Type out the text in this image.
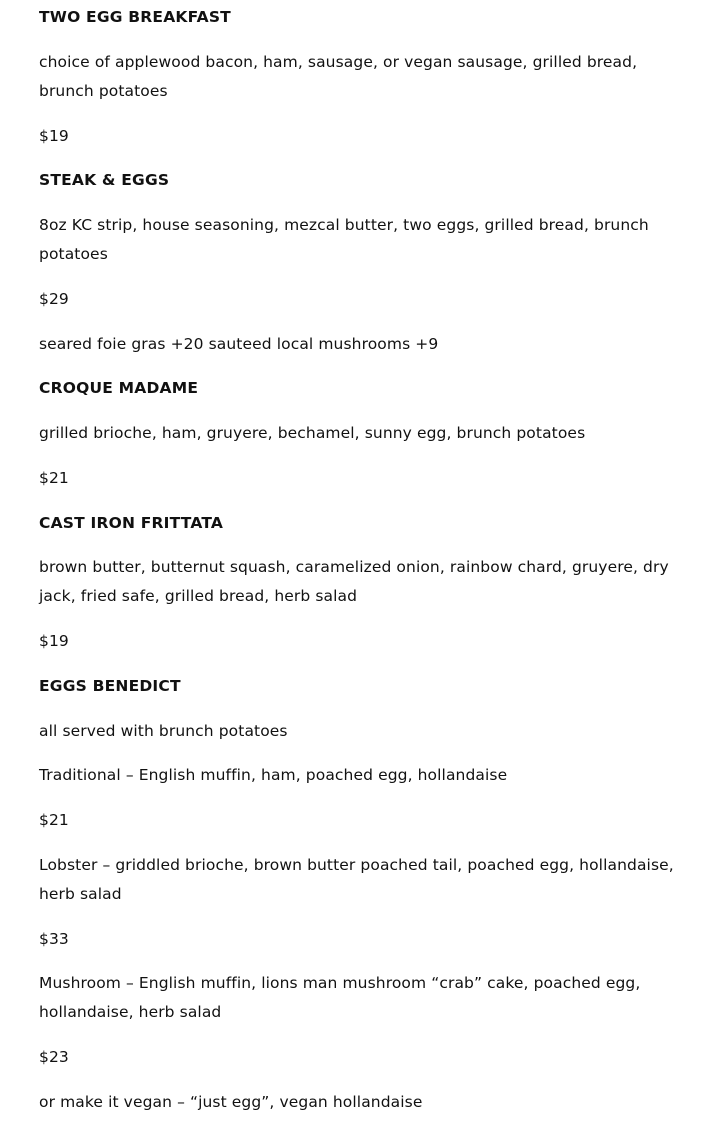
TWO EGG BREAKFAST
choice of applewood bacon, ham, sausage, or vegan sausage, grilled bread, brunch potatoes
$19
STEAK & EGGS
8oz KC strip, house seasoning, mezcal butter, two eggs, grilled bread, brunch potatoes
$29
seared foie gras +20 sauteed local mushrooms +9
CROQUE MADAME
grilled brioche, ham, gruyere, bechamel, sunny egg, brunch potatoes
$21
CAST IRON FRITTATA
brown butter, butternut squash, caramelized onion, rainbow chard, gruyere, dry jack, fried safe, grilled bread, herb salad
$19
EGGS BENEDICT
all served with brunch potatoes
Traditional – English muffin, ham, poached egg, hollandaise
$21
Lobster – griddled brioche, brown butter poached tail, poached egg, hollandaise, herb salad
$33
Mushroom – English muffin, lions man mushroom “crab” cake, poached egg, hollandaise, herb salad
$23
or make it vegan – “just egg”, vegan hollandaise
